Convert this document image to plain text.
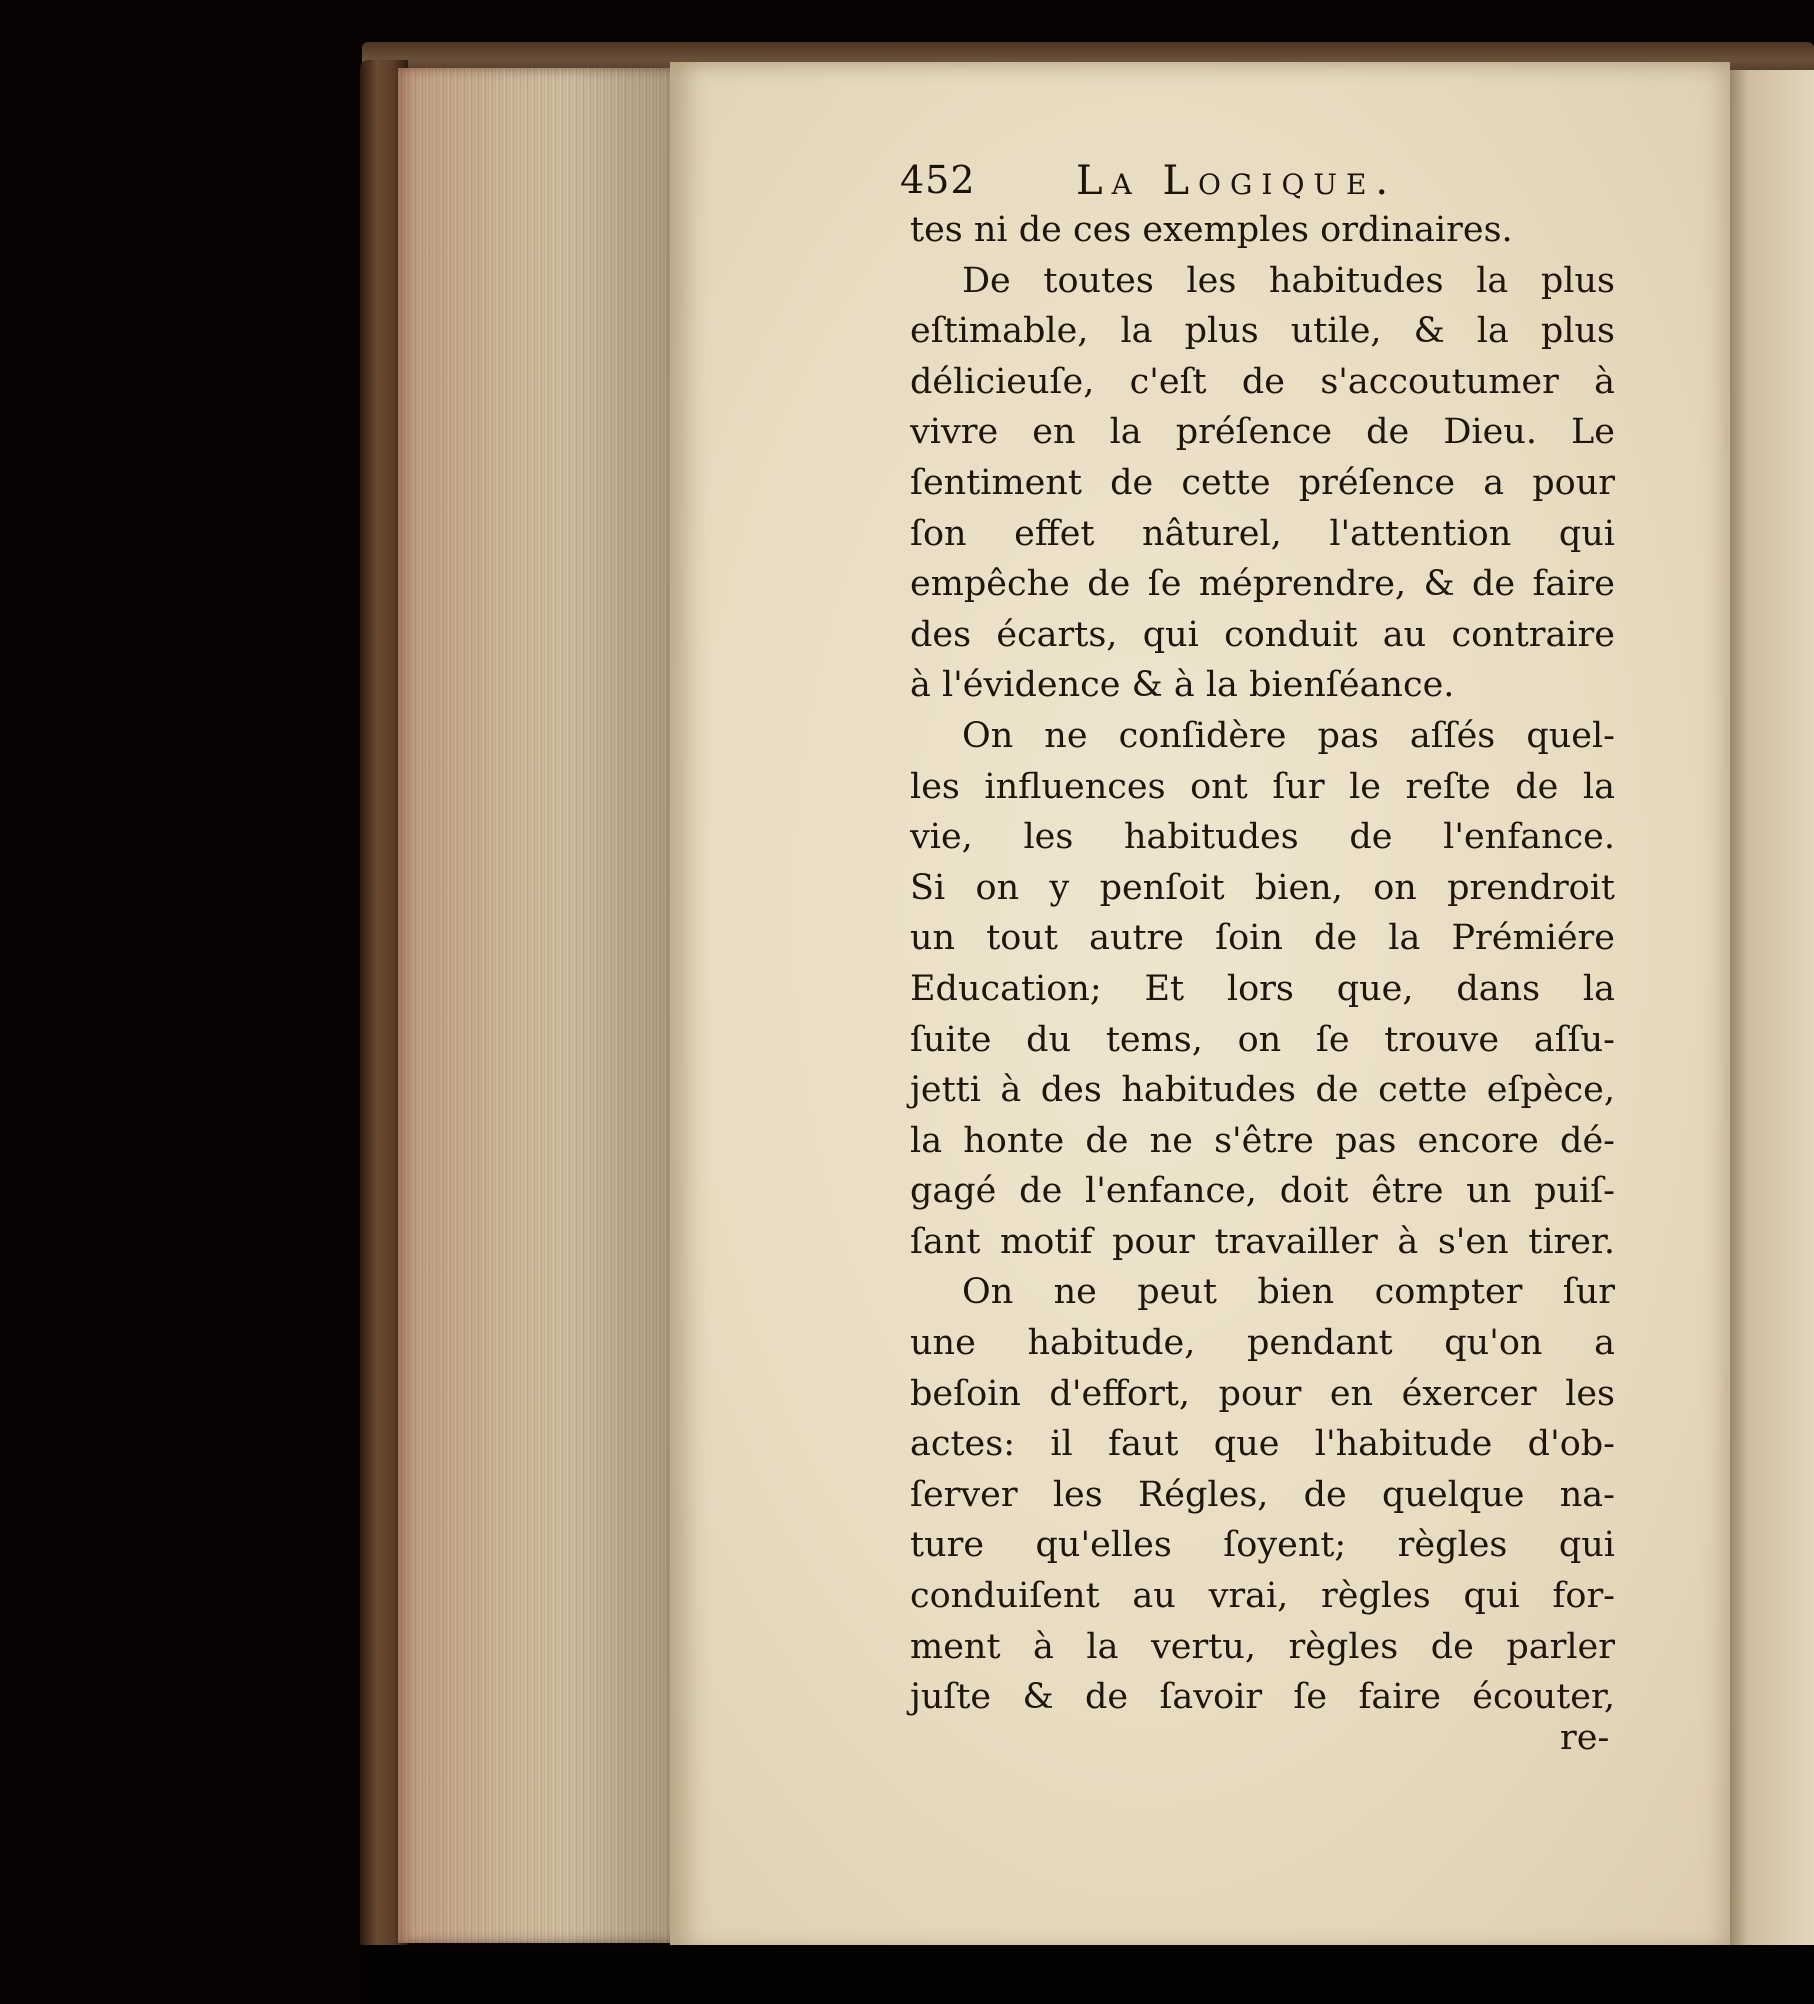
452	La Logique.
tes ni de ces exemples ordinaires.
De toutes les habitudes la plus
eſtimable, la plus utile, & la plus
délicieuſe, c'eſt de s'accoutumer à
vivre en la préſence de Dieu. Le
ſentiment de cette préſence a pour
ſon effet nâturel, l'attention qui
empêche de ſe méprendre, & de faire
des écarts, qui conduit au contraire
à l'évidence & à la bienſéance.
On ne conſidère pas aſſés quel-
les influences ont ſur le reſte de la
vie, les habitudes de l'enfance.
Si on y penſoit bien, on prendroit
un tout autre ſoin de la Prémiére
Education; Et lors que, dans la
ſuite du tems, on ſe trouve aſſu-
jetti à des habitudes de cette eſpèce,
la honte de ne s'être pas encore dé-
gagé de l'enfance, doit être un puiſ-
ſant motif pour travailler à s'en tirer.
On ne peut bien compter ſur
une habitude, pendant qu'on a
beſoin d'effort, pour en éxercer les
actes: il faut que l'habitude d'ob-
ſerver les Régles, de quelque na-
ture qu'elles ſoyent; règles qui
conduiſent au vrai, règles qui for-
ment à la vertu, règles de parler
juſte & de ſavoir ſe faire écouter,
re-
